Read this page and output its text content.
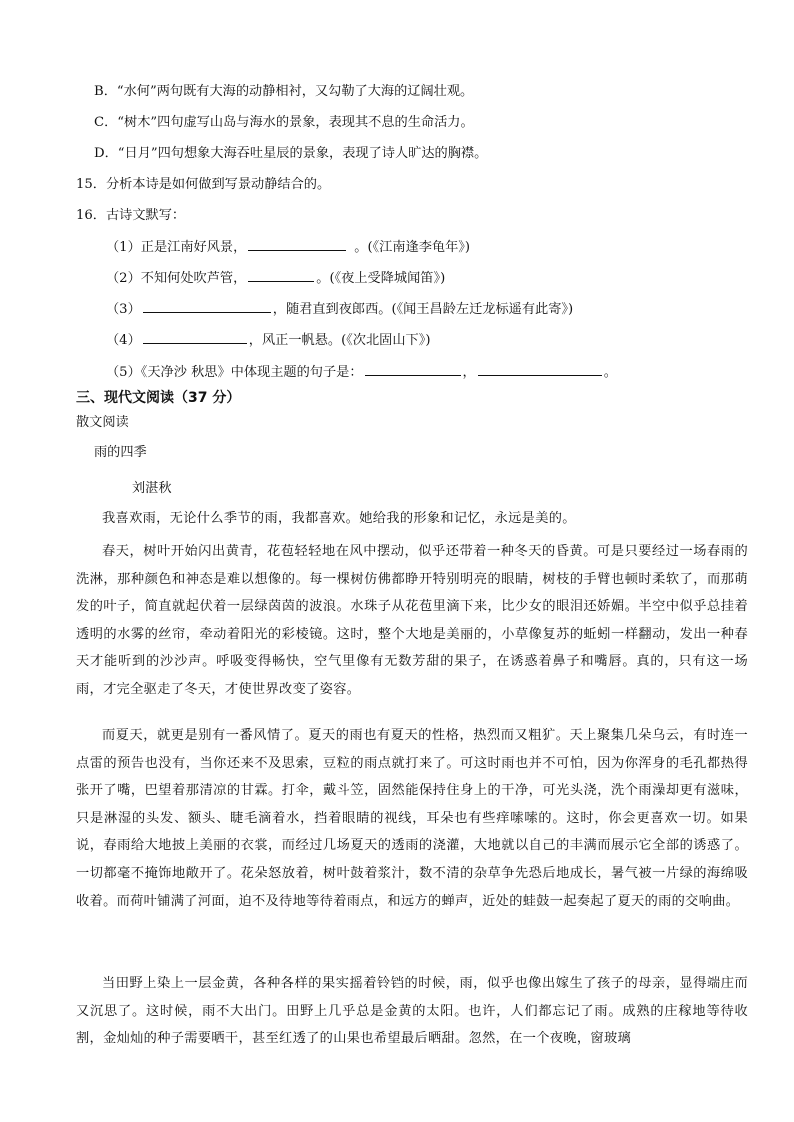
B．“水何”两句既有大海的动静相衬，又勾勒了大海的辽阔壮观。
C．“树木”四句虚写山岛与海水的景象，表现其不息的生命活力。
D．“日月”四句想象大海吞吐星辰的景象，表现了诗人旷达的胸襟。
15．分析本诗是如何做到写景动静结合的。
16．古诗文默写：
（1）正是江南好风景，	。(《江南逢李龟年》)
（2）不知何处吹芦管，	。(《夜上受降城闻笛》)
（3）	，随君直到夜郎西。(《闻王昌龄左迁龙标遥有此寄》)
（4）	，风正一帆悬。(《次北固山下》)
（5）《天净沙 秋思》中体现主题的句子是：	，	。
三、现代文阅读（37 分）
散文阅读
雨的四季
刘湛秋
我喜欢雨，无论什么季节的雨，我都喜欢。她给我的形象和记忆，永远是美的。
春天，树叶开始闪出黄青，花苞轻轻地在风中摆动，似乎还带着一种冬天的昏黄。可是只要经过一场春雨的洗淋，那种颜色和神态是难以想像的。每一棵树仿佛都睁开特别明亮的眼睛，树枝的手臂也顿时柔软了，而那萌发的叶子，简直就起伏着一层绿茵茵的波浪。水珠子从花苞里滴下来，比少女的眼泪还娇媚。半空中似乎总挂着透明的水雾的丝帘，牵动着阳光的彩棱镜。这时，整个大地是美丽的，小草像复苏的蚯蚓一样翻动，发出一种春天才能听到的沙沙声。呼吸变得畅快，空气里像有无数芳甜的果子，在诱惑着鼻子和嘴唇。真的，只有这一场雨，才完全驱走了冬天，才使世界改变了姿容。
而夏天，就更是别有一番风情了。夏天的雨也有夏天的性格，热烈而又粗犷。天上聚集几朵乌云，有时连一点雷的预告也没有，当你还来不及思索，豆粒的雨点就打来了。可这时雨也并不可怕，因为你浑身的毛孔都热得张开了嘴，巴望着那清凉的甘霖。打伞，戴斗笠，固然能保持住身上的干净，可光头浇，洗个雨澡却更有滋味，只是淋湿的头发、额头、睫毛滴着水，挡着眼睛的视线，耳朵也有些痒嗦嗦的。这时，你会更喜欢一切。如果说，春雨给大地披上美丽的衣裳，而经过几场夏天的透雨的浇灌，大地就以自己的丰满而展示它全部的诱惑了。一切都毫不掩饰地敞开了。花朵怒放着，树叶鼓着浆汁，数不清的杂草争先恐后地成长，暑气被一片绿的海绵吸收着。而荷叶铺满了河面，迫不及待地等待着雨点，和远方的蝉声，近处的蛙鼓一起奏起了夏天的雨的交响曲。
当田野上染上一层金黄，各种各样的果实摇着铃铛的时候，雨，似乎也像出嫁生了孩子的母亲，显得端庄而又沉思了。这时候，雨不大出门。田野上几乎总是金黄的太阳。也许，人们都忘记了雨。成熟的庄稼地等待收割，金灿灿的种子需要晒干，甚至红透了的山果也希望最后晒甜。忽然，在一个夜晚，窗玻璃
